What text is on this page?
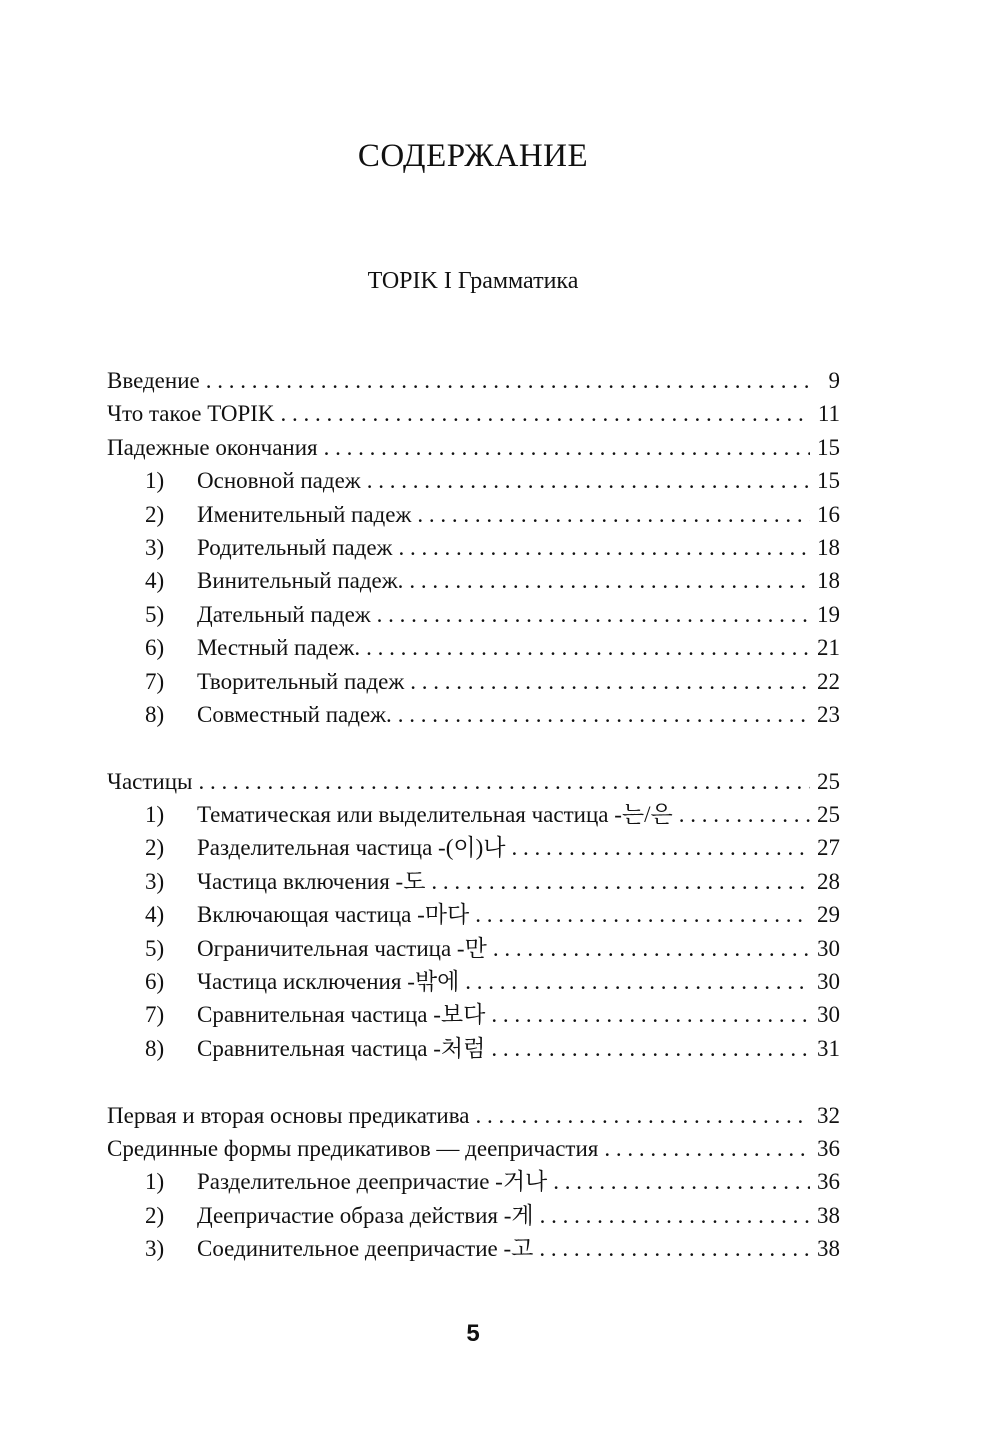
СОДЕРЖАНИЕ
TOPIK I Грамматика
Введение . . .	9
Что такое TOPIK . . .	11
Падежные окончания . . .	15
1)	Основной падеж . . .	15
2)	Именительный падеж . . .	16
3)	Родительный падеж . . .	18
4)	Винительный падеж. . . .	18
5)	Дательный падеж . . .	19
6)	Местный падеж. . . .	21
7)	Творительный падеж . . .	22
8)	Совместный падеж. . . .	23
Частицы . . .	25
1)	Тематическая или выделительная частица -는/은 . . .	25
2)	Разделительная частица -(이)나 . . .	27
3)	Частица включения -도 . . .	28
4)	Включающая частица -마다 . . .	29
5)	Ограничительная частица -만 . . .	30
6)	Частица исключения -밖에 . . .	30
7)	Сравнительная частица -보다 . . .	30
8)	Сравнительная частица -처럼 . . .	31
Первая и вторая основы предикатива . . .	32
Срединные формы предикативов — деепричастия . . .	36
1)	Разделительное деепричастие -거나 . . .	36
2)	Деепричастие образа действия -게 . . .	38
3)	Соединительное деепричастие -고 . . .	38
5
